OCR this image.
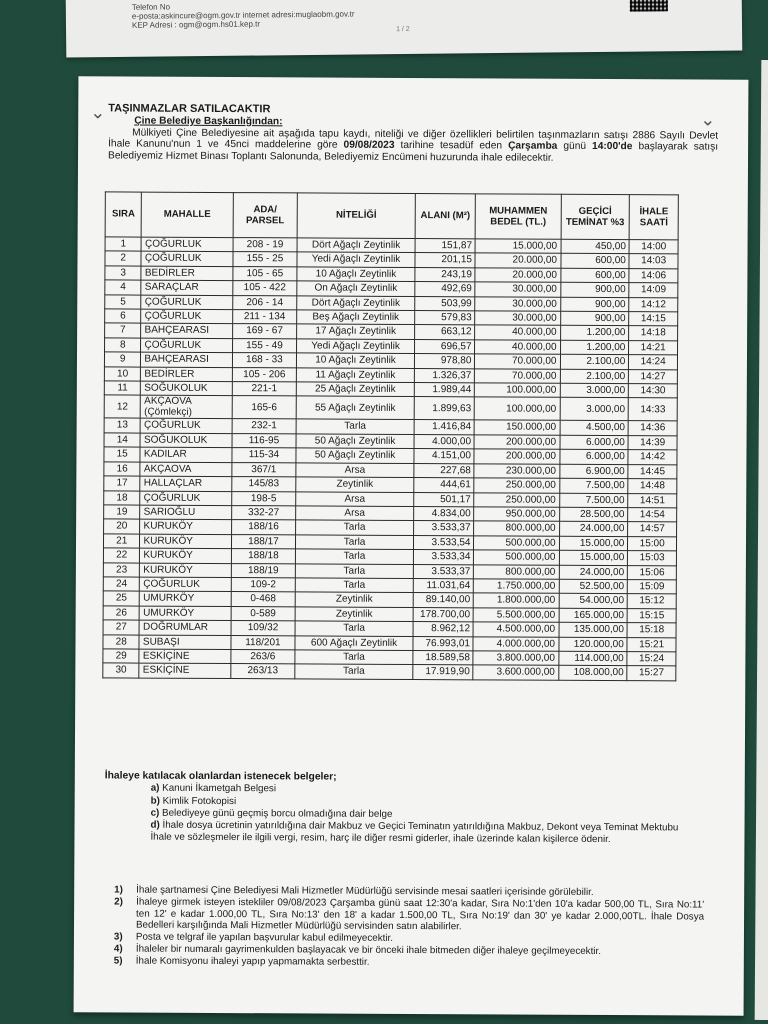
Telefon No
e-posta:askincure@ogm.gov.tr internet adresi:muglaobm.gov.tr
KEP Adresi : ogm@ogm.hs01.kep.tr	1 / 2
⌄	⌄
TAŞINMAZLAR SATILACAKTIR
Çine Belediye Başkanlığından:
Mülkiyeti Çine Belediyesine ait aşağıda tapu kaydı, niteliği ve diğer özellikleri belirtilen taşınmazların satışı 2886 Sayılı Devlet İhale Kanunu'nun 1 ve 45nci maddelerine göre 09/08/2023 tarihine tesadüf eden Çarşamba günü 14:00'de başlayarak satışı Belediyemiz Hizmet Binası Toplantı Salonunda, Belediyemiz Encümeni huzurunda ihale edilecektir.
SIRA	MAHALLE	ADA/ PARSEL	NİTELİĞİ	ALANI (M²)	MUHAMMEN BEDEL (TL.)	GEÇİCİ TEMİNAT %3	İHALE SAATİ
1	ÇOĞURLUK	208 - 19	Dört Ağaçlı Zeytinlik	151,87	15.000,00	450,00	14:00
2	ÇOĞURLUK	155 - 25	Yedi Ağaçlı Zeytinlik	201,15	20.000,00	600,00	14:03
3	BEDİRLER	105 - 65	10 Ağaçlı Zeytinlik	243,19	20.000,00	600,00	14:06
4	SARAÇLAR	105 - 422	On Ağaçlı Zeytinlik	492,69	30.000,00	900,00	14:09
5	ÇOĞURLUK	206 - 14	Dört Ağaçlı Zeytinlik	503,99	30.000,00	900,00	14:12
6	ÇOĞURLUK	211 - 134	Beş Ağaçlı Zeytinlik	579,83	30.000,00	900,00	14:15
7	BAHÇEARASI	169 - 67	17 Ağaçlı Zeytinlik	663,12	40.000,00	1.200,00	14:18
8	ÇOĞURLUK	155 - 49	Yedi Ağaçlı Zeytinlik	696,57	40.000,00	1.200,00	14:21
9	BAHÇEARASI	168 - 33	10 Ağaçlı Zeytinlik	978,80	70.000,00	2.100,00	14:24
10	BEDİRLER	105 - 206	11 Ağaçlı Zeytinlik	1.326,37	70.000,00	2.100,00	14:27
11	SOĞUKOLUK	221-1	25 Ağaçlı Zeytinlik	1.989,44	100.000,00	3.000,00	14:30
12	AKÇAOVA (Çömlekçi)	165-6	55 Ağaçlı Zeytinlik	1.899,63	100.000,00	3.000,00	14:33
13	ÇOĞURLUK	232-1	Tarla	1.416,84	150.000,00	4.500,00	14:36
14	SOĞUKOLUK	116-95	50 Ağaçlı Zeytinlik	4.000,00	200.000,00	6.000,00	14:39
15	KADILAR	115-34	50 Ağaçlı Zeytinlik	4.151,00	200.000,00	6.000,00	14:42
16	AKÇAOVA	367/1	Arsa	227,68	230.000,00	6.900,00	14:45
17	HALLAÇLAR	145/83	Zeytinlik	444,61	250.000,00	7.500,00	14:48
18	ÇOĞURLUK	198-5	Arsa	501,17	250.000,00	7.500,00	14:51
19	SARIOĞLU	332-27	Arsa	4.834,00	950.000,00	28.500,00	14:54
20	KURUKÖY	188/16	Tarla	3.533,37	800.000,00	24.000,00	14:57
21	KURUKÖY	188/17	Tarla	3.533,54	500.000,00	15.000,00	15:00
22	KURUKÖY	188/18	Tarla	3.533,34	500.000,00	15.000,00	15:03
23	KURUKÖY	188/19	Tarla	3.533,37	800.000,00	24.000,00	15:06
24	ÇOĞURLUK	109-2	Tarla	11.031,64	1.750.000,00	52.500,00	15:09
25	UMURKÖY	0-468	Zeytinlik	89.140,00	1.800.000,00	54.000,00	15:12
26	UMURKÖY	0-589	Zeytinlik	178.700,00	5.500.000,00	165.000,00	15:15
27	DOĞRUMLAR	109/32	Tarla	8.962,12	4.500.000,00	135.000,00	15:18
28	SUBAŞI	118/201	600 Ağaçlı Zeytinlik	76.993,01	4.000.000,00	120.000,00	15:21
29	ESKİÇİNE	263/6	Tarla	18.589,58	3.800.000,00	114.000,00	15:24
30	ESKİÇİNE	263/13	Tarla	17.919,90	3.600.000,00	108.000,00	15:27
İhaleye katılacak olanlardan istenecek belgeler;
a) Kanuni İkametgah Belgesi
b) Kimlik Fotokopisi
c) Belediyeye günü geçmiş borcu olmadığına dair belge
d) İhale dosya ücretinin yatırıldığına dair Makbuz ve Geçici Teminatın yatırıldığına Makbuz, Dekont veya Teminat Mektubu
İhale ve sözleşmeler ile ilgili vergi, resim, harç ile diğer resmi giderler, ihale üzerinde kalan kişilerce ödenir.
1)	İhale şartnamesi Çine Belediyesi Mali Hizmetler Müdürlüğü servisinde mesai saatleri içerisinde görülebilir.
2)	İhaleye girmek isteyen istekliler 09/08/2023 Çarşamba günü saat 12:30'a kadar, Sıra No:1'den 10'a kadar 500,00 TL, Sıra No:11' ten 12' e kadar 1.000,00 TL, Sıra No:13' den 18' a kadar 1.500,00 TL, Sıra No:19' dan 30' ye kadar 2.000,00TL. İhale Dosya Bedelleri karşılığında Mali Hizmetler Müdürlüğü servisinden satın alabilirler.
3)	Posta ve telgraf ile yapılan başvurular kabul edilmeyecektir.
4)	İhaleler bir numaralı gayrimenkulden başlayacak ve bir önceki ihale bitmeden diğer ihaleye geçilmeyecektir.
5)	İhale Komisyonu ihaleyi yapıp yapmamakta serbesttir.
